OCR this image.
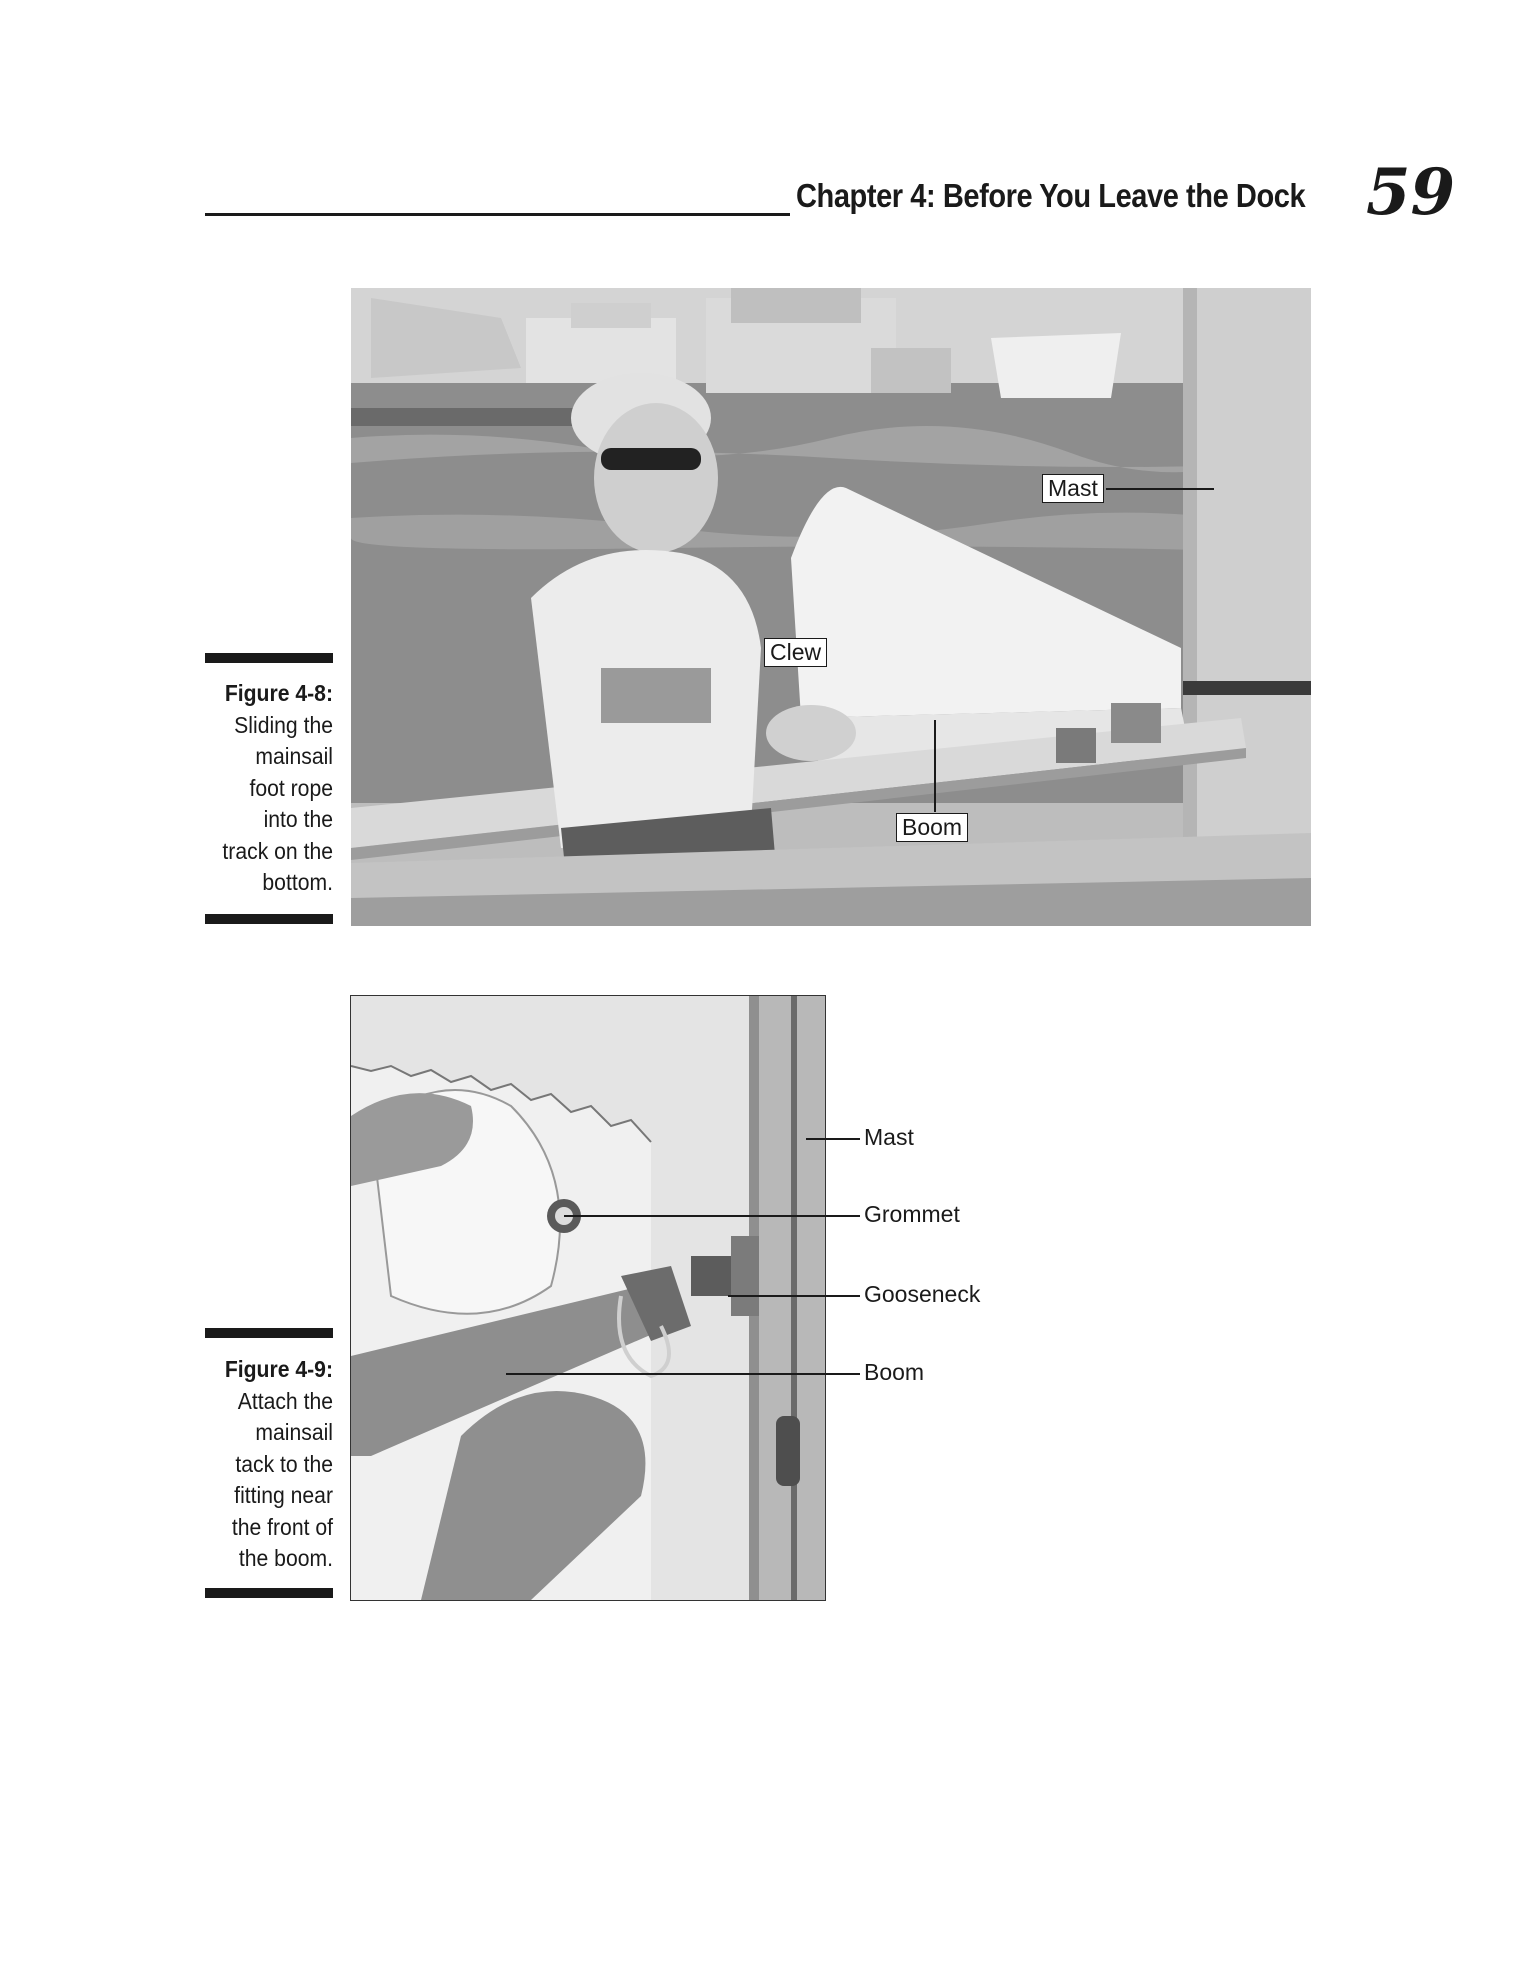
Chapter 4: Before You Leave the Dock 59
Figure 4-8:
Sliding the
mainsail
foot rope
into the
track on the
bottom.
Mast
Clew
Boom
Figure 4-9:
Attach the
mainsail
tack to the
fitting near
the front of
the boom.
Mast
Grommet
Gooseneck
Boom
